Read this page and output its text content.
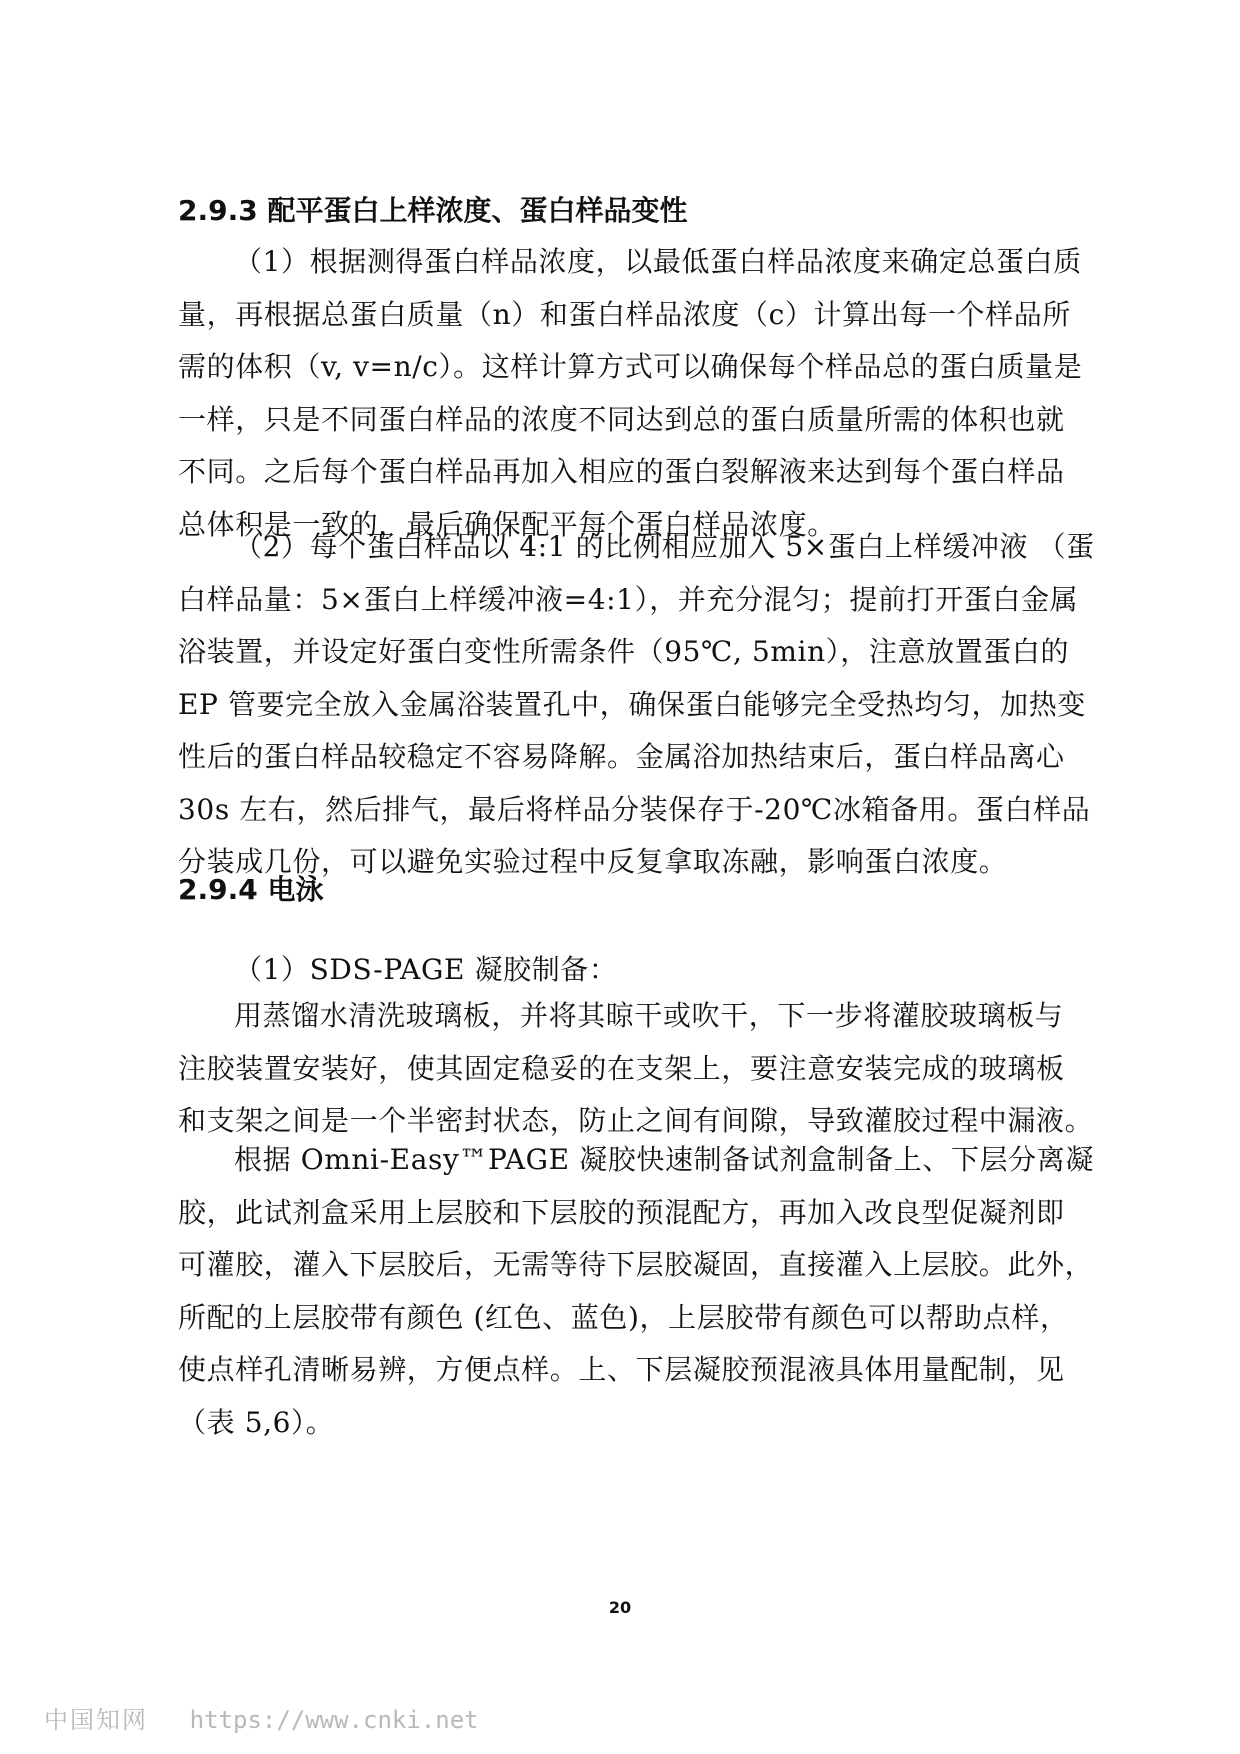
2.9.3 配平蛋白上样浓度、蛋白样品变性
（1）根据测得蛋白样品浓度，以最低蛋白样品浓度来确定总蛋白质
量，再根据总蛋白质量（n）和蛋白样品浓度（c）计算出每一个样品所
需的体积（v, v=n/c）。这样计算方式可以确保每个样品总的蛋白质量是
一样，只是不同蛋白样品的浓度不同达到总的蛋白质量所需的体积也就
不同。之后每个蛋白样品再加入相应的蛋白裂解液来达到每个蛋白样品
总体积是一致的，最后确保配平每个蛋白样品浓度。
（2）每个蛋白样品以 4:1 的比例相应加入 5×蛋白上样缓冲液 （蛋
白样品量：5×蛋白上样缓冲液=4:1），并充分混匀；提前打开蛋白金属
浴装置，并设定好蛋白变性所需条件（95℃, 5min），注意放置蛋白的
EP 管要完全放入金属浴装置孔中，确保蛋白能够完全受热均匀，加热变
性后的蛋白样品较稳定不容易降解。金属浴加热结束后，蛋白样品离心
30s 左右，然后排气，最后将样品分装保存于-20℃冰箱备用。蛋白样品
分装成几份，可以避免实验过程中反复拿取冻融，影响蛋白浓度。
2.9.4 电泳
（1）SDS-PAGE 凝胶制备：
用蒸馏水清洗玻璃板，并将其晾干或吹干，下一步将灌胶玻璃板与
注胶装置安装好，使其固定稳妥的在支架上，要注意安装完成的玻璃板
和支架之间是一个半密封状态，防止之间有间隙，导致灌胶过程中漏液。
根据 Omni-Easy™PAGE 凝胶快速制备试剂盒制备上、下层分离凝
胶，此试剂盒采用上层胶和下层胶的预混配方，再加入改良型促凝剂即
可灌胶，灌入下层胶后，无需等待下层胶凝固，直接灌入上层胶。此外，
所配的上层胶带有颜色 (红色、蓝色)，上层胶带有颜色可以帮助点样，
使点样孔清晰易辨，方便点样。上、下层凝胶预混液具体用量配制，见
（表 5,6）。
20
中国知网 https://www.cnki.net
